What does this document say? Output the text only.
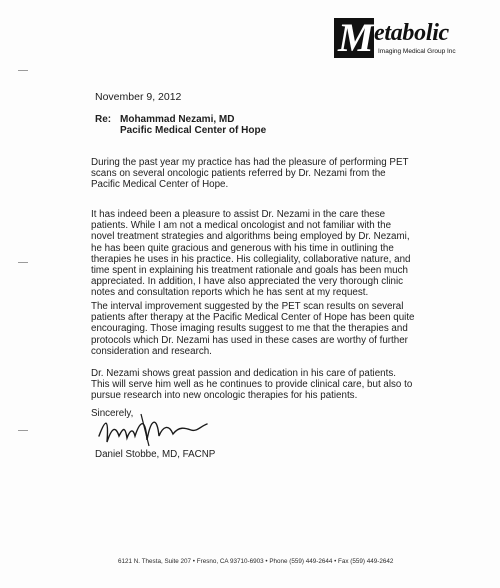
M etabolic
Imaging Medical Group Inc
November 9, 2012
Re: Mohammad Nezami, MD
Pacific Medical Center of Hope
During the past year my practice has had the pleasure of performing PET scans on several oncologic patients referred by Dr. Nezami from the Pacific Medical Center of Hope.
It has indeed been a pleasure to assist Dr. Nezami in the care these patients. While I am not a medical oncologist and not familiar with the novel treatment strategies and algorithms being employed by Dr. Nezami, he has been quite gracious and generous with his time in outlining the therapies he uses in his practice. His collegiality, collaborative nature, and time spent in explaining his treatment rationale and goals has been much appreciated. In addition, I have also appreciated the very thorough clinic notes and consultation reports which he has sent at my request.
The interval improvement suggested by the PET scan results on several patients after therapy at the Pacific Medical Center of Hope has been quite encouraging. Those imaging results suggest to me that the therapies and protocols which Dr. Nezami has used in these cases are worthy of further consideration and research.
Dr. Nezami shows great passion and dedication in his care of patients. This will serve him well as he continues to provide clinical care, but also to pursue research into new oncologic therapies for his patients.
Sincerely,
Daniel Stobbe, MD, FACNP
6121 N. Thesta, Suite 207 • Fresno, CA 93710-6903 • Phone (559) 449-2644 • Fax (559) 449-2642
